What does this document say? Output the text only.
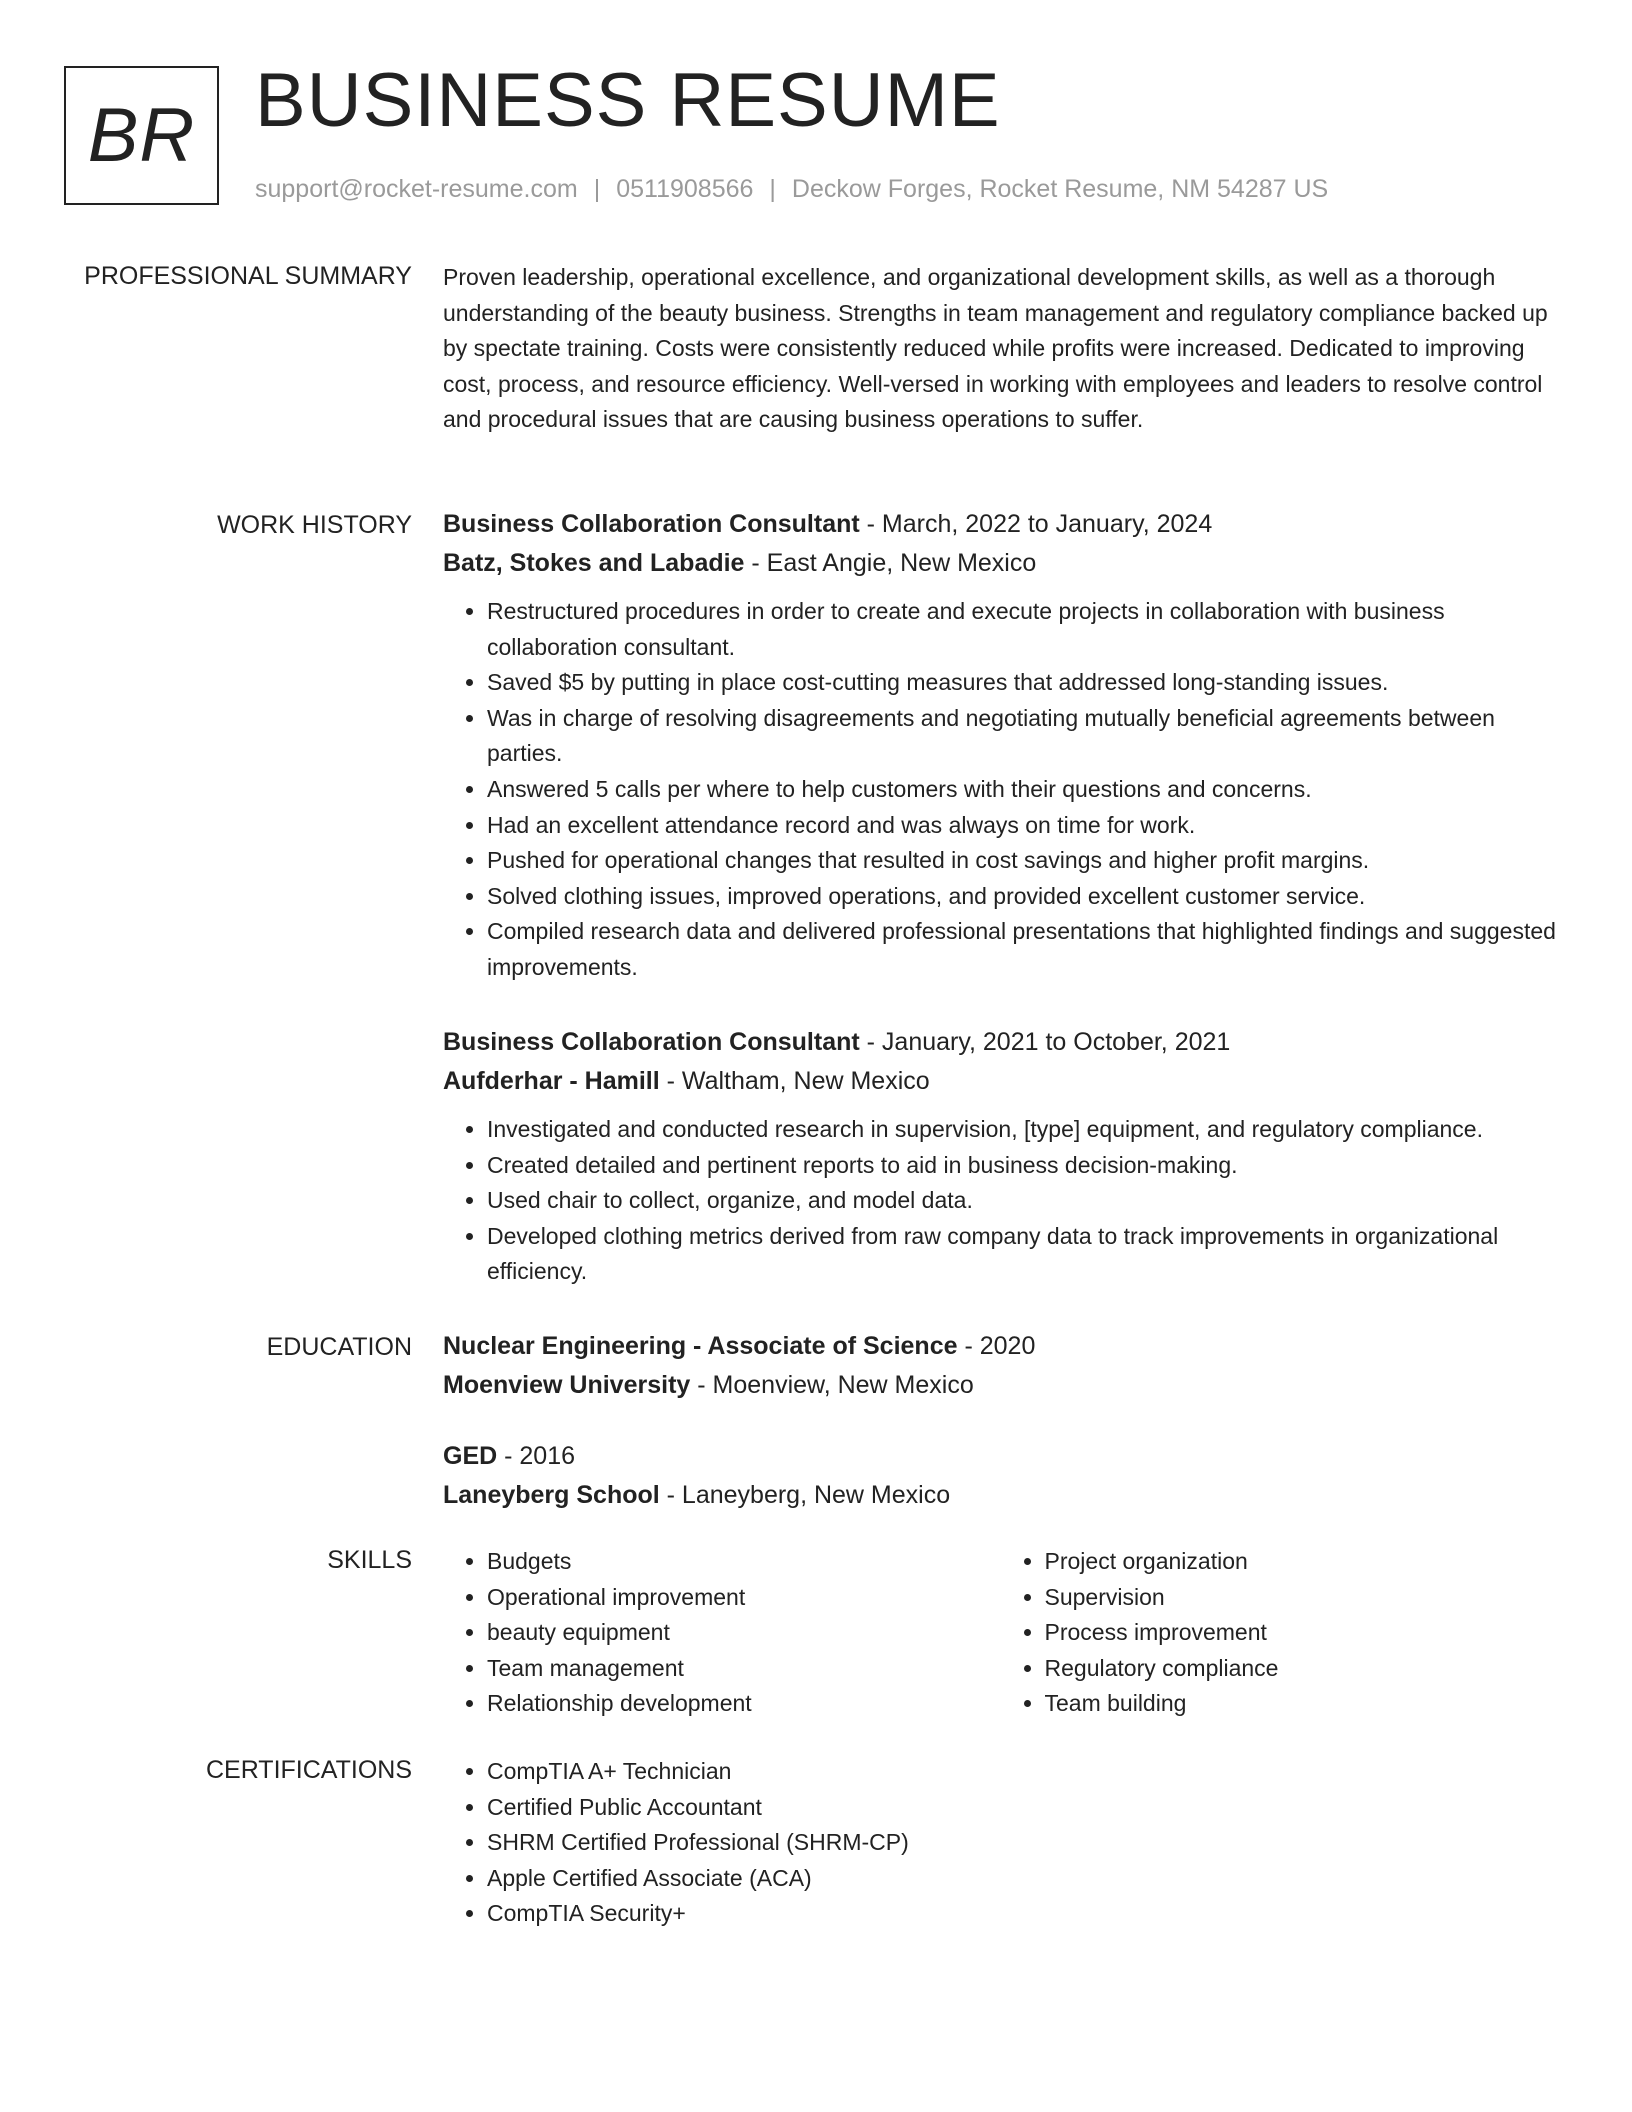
BR BUSINESS RESUME
support@rocket-resume.com | 0511908566 | Deckow Forges, Rocket Resume, NM 54287 US
PROFESSIONAL SUMMARY Proven leadership, operational excellence, and organizational development skills, as well as a thorough understanding of the beauty business. Strengths in team management and regulatory compliance backed up by spectate training. Costs were consistently reduced while profits were increased. Dedicated to improving cost, process, and resource efficiency. Well-versed in working with employees and leaders to resolve control and procedural issues that are causing business operations to suffer.

WORK HISTORY Business Collaboration Consultant - March, 2022 to January, 2024
Batz, Stokes and Labadie - East Angie, New Mexico
• Restructured procedures in order to create and execute projects in collaboration with business collaboration consultant.
• Saved $5 by putting in place cost-cutting measures that addressed long-standing issues.
• Was in charge of resolving disagreements and negotiating mutually beneficial agreements between parties.
• Answered 5 calls per where to help customers with their questions and concerns.
• Had an excellent attendance record and was always on time for work.
• Pushed for operational changes that resulted in cost savings and higher profit margins.
• Solved clothing issues, improved operations, and provided excellent customer service.
• Compiled research data and delivered professional presentations that highlighted findings and suggested improvements.
Business Collaboration Consultant - January, 2021 to October, 2021
Aufderhar - Hamill - Waltham, New Mexico
• Investigated and conducted research in supervision, [type] equipment, and regulatory compliance.
• Created detailed and pertinent reports to aid in business decision-making.
• Used chair to collect, organize, and model data.
• Developed clothing metrics derived from raw company data to track improvements in organizational efficiency.
EDUCATION Nuclear Engineering - Associate of Science - 2020
Moenview University - Moenview, New Mexico
GED - 2016
Laneyberg School - Laneyberg, New Mexico
SKILLS	• Budgets
• Operational improvement
• beauty equipment
• Team management
• Relationship development
• Project organization
• Supervision
• Process improvement
• Regulatory compliance
• Team building
CERTIFICATIONS	• CompTIA A+ Technician
• Certified Public Accountant
• SHRM Certified Professional (SHRM-CP)
• Apple Certified Associate (ACA)
• CompTIA Security+
